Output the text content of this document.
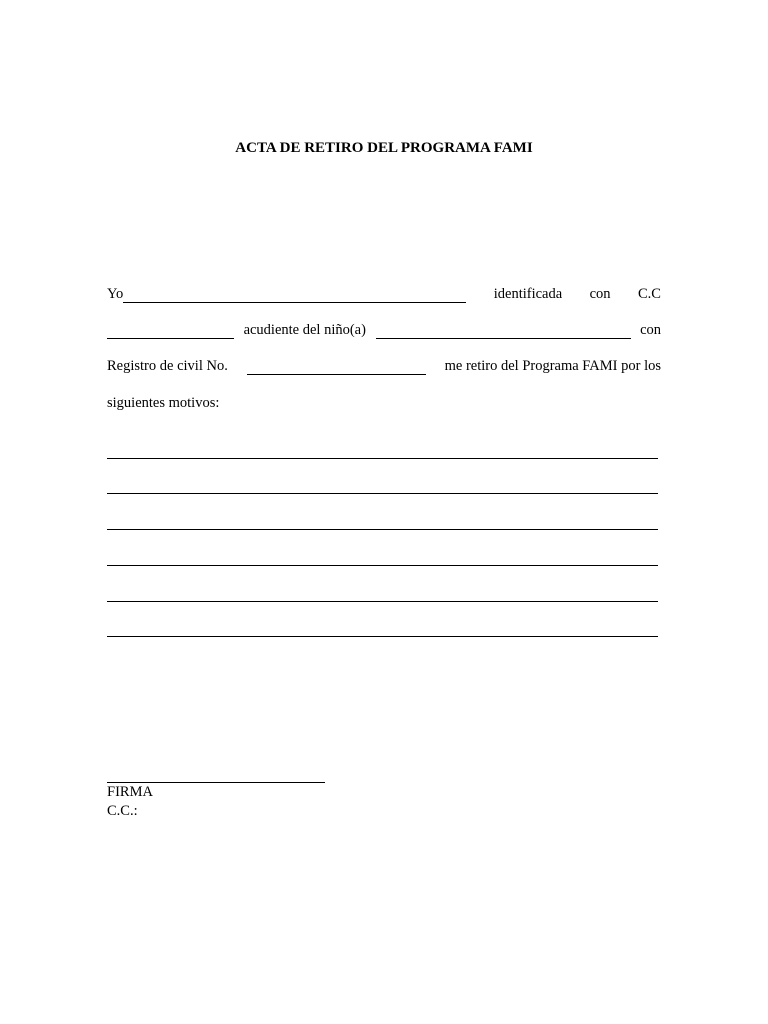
ACTA DE RETIRO DEL PROGRAMA FAMI
Yo	identificada con C.C
acudiente del niño(a)	con
Registro de civil No.	me retiro del Programa FAMI por los
siguientes motivos:
FIRMA
C.C.:
